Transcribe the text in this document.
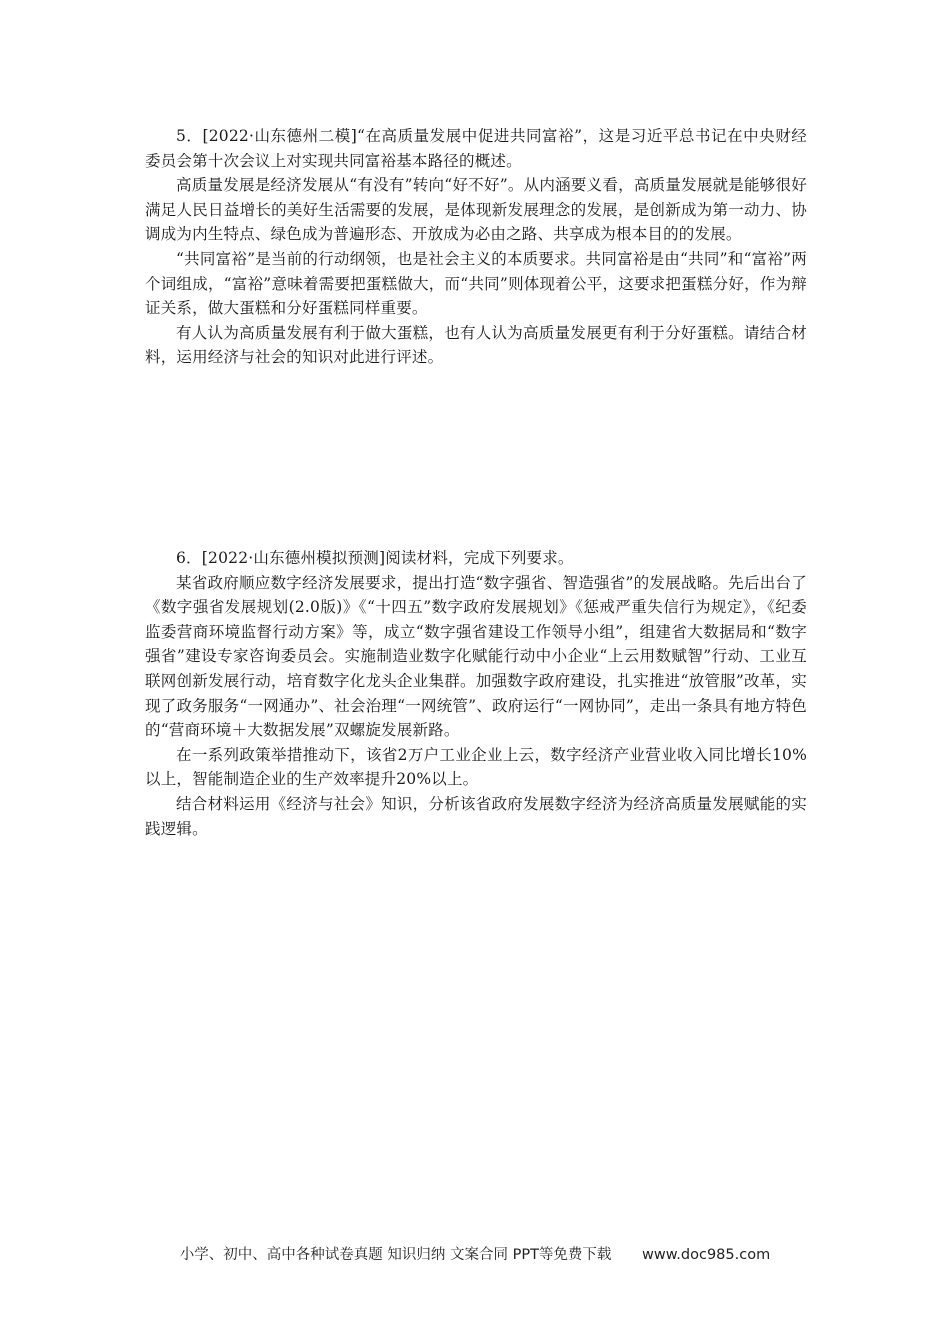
5．[2022·山东德州二模]“在高质量发展中促进共同富裕”，这是习近平总书记在中央财经委员会第十次会议上对实现共同富裕基本路径的概述。

高质量发展是经济发展从“有没有”转向“好不好”。从内涵要义看，高质量发展就是能够很好满足人民日益增长的美好生活需要的发展，是体现新发展理念的发展，是创新成为第一动力、协调成为内生特点、绿色成为普遍形态、开放成为必由之路、共享成为根本目的的发展。

“共同富裕”是当前的行动纲领，也是社会主义的本质要求。共同富裕是由“共同”和“富裕”两个词组成，“富裕”意味着需要把蛋糕做大，而“共同”则体现着公平，这要求把蛋糕分好，作为辩证关系，做大蛋糕和分好蛋糕同样重要。

有人认为高质量发展有利于做大蛋糕，也有人认为高质量发展更有利于分好蛋糕。请结合材料，运用经济与社会的知识对此进行评述。

6．[2022·山东德州模拟预测]阅读材料，完成下列要求。

某省政府顺应数字经济发展要求，提出打造“数字强省、智造强省”的发展战略。先后出台了《数字强省发展规划(2.0版)》《“十四五”数字政府发展规划》《惩戒严重失信行为规定》，《纪委监委营商环境监督行动方案》等，成立“数字强省建设工作领导小组”，组建省大数据局和“数字强省”建设专家咨询委员会。实施制造业数字化赋能行动中小企业“上云用数赋智”行动、工业互联网创新发展行动，培育数字化龙头企业集群。加强数字政府建设，扎实推进“放管服”改革，实现了政务服务“一网通办”、社会治理“一网统管”、政府运行“一网协同”，走出一条具有地方特色的“营商环境＋大数据发展”双螺旋发展新路。

在一系列政策举措推动下，该省2万户工业企业上云，数字经济产业营业收入同比增长10%以上，智能制造企业的生产效率提升20%以上。

结合材料运用《经济与社会》知识，分析该省政府发展数字经济为经济高质量发展赋能的实践逻辑。

小学、初中、高中各种试卷真题 知识归纳 文案合同 PPT等免费下载 www.doc985.com
